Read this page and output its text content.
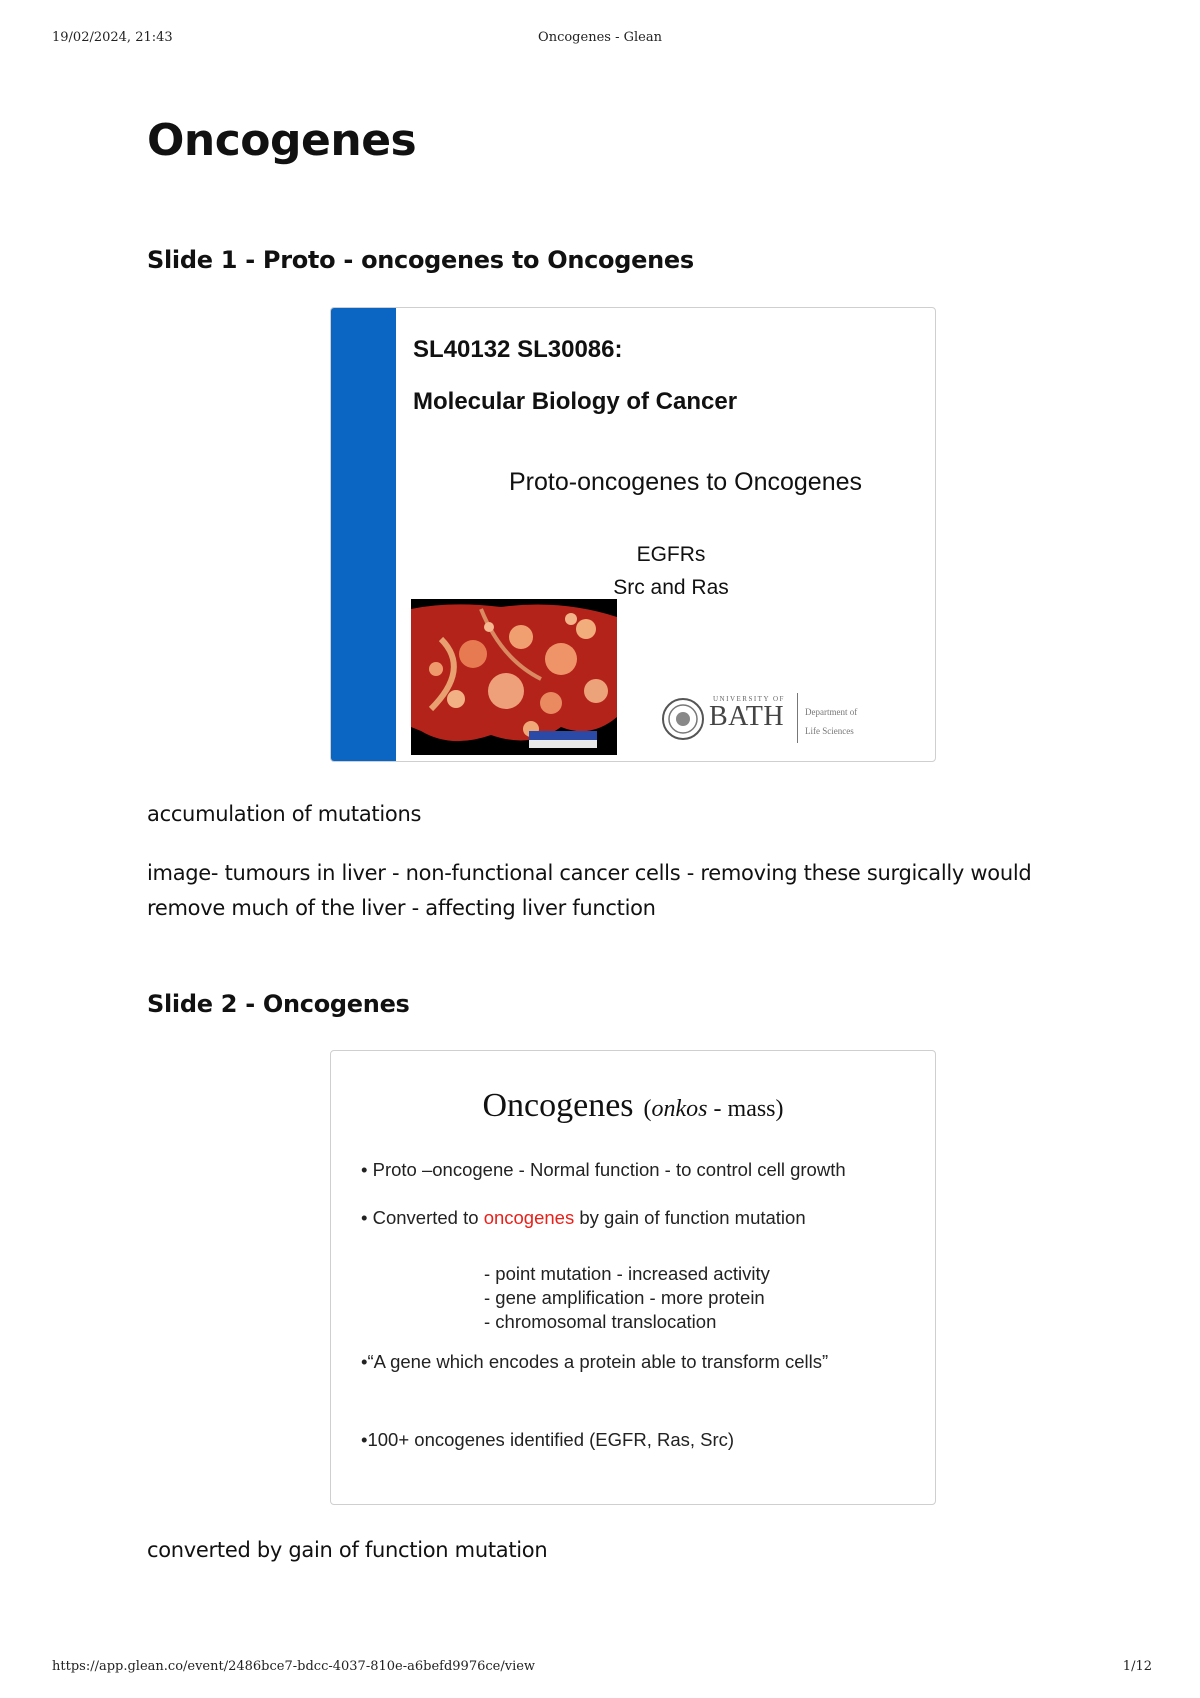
19/02/2024, 21:43	Oncogenes - Glean
Oncogenes
Slide 1 - Proto - oncogenes to Oncogenes
SL40132 SL30086:
Molecular Biology of Cancer
Proto-oncogenes to Oncogenes
EGFRs
Src and Ras
UNIVERSITY OF
BATH Department of
Life Sciences

accumulation of mutations

image- tumours in liver - non-functional cancer cells - removing these surgically would remove much of the liver - affecting liver function

Slide 2 - Oncogenes
Oncogenes (onkos - mass)
• Proto –oncogene - Normal function - to control cell growth
• Converted to oncogenes by gain of function mutation
- point mutation - increased activity
- gene amplification - more protein
- chromosomal translocation
•“A gene which encodes a protein able to transform cells”
•100+ oncogenes identified (EGFR, Ras, Src)

converted by gain of function mutation

https://app.glean.co/event/2486bce7-bdcc-4037-810e-a6befd9976ce/view	1/12
